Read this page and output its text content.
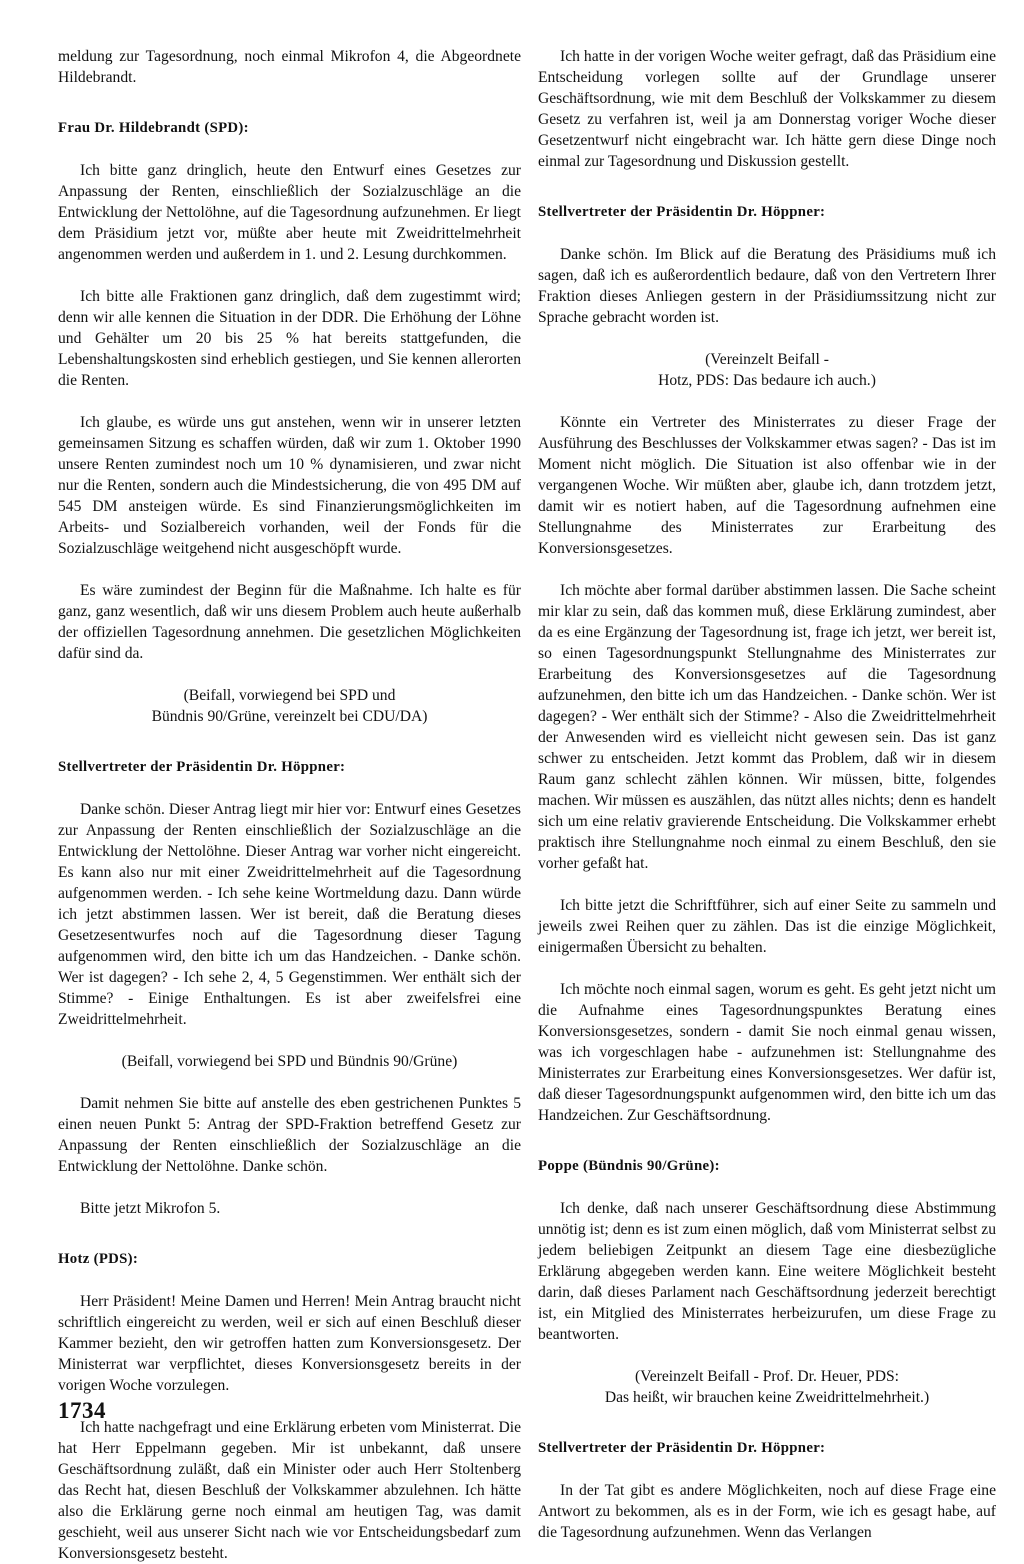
meldung zur Tagesordnung, noch einmal Mikrofon 4, die Abgeordnete Hildebrandt.

Frau Dr. Hildebrandt (SPD):

Ich bitte ganz dringlich, heute den Entwurf eines Gesetzes zur Anpassung der Renten, einschließlich der Sozialzuschläge an die Entwicklung der Nettolöhne, auf die Tagesordnung aufzunehmen. Er liegt dem Präsidium jetzt vor, müßte aber heute mit Zweidrittelmehrheit angenommen werden und außerdem in 1. und 2. Lesung durchkommen.

Ich bitte alle Fraktionen ganz dringlich, daß dem zugestimmt wird; denn wir alle kennen die Situation in der DDR. Die Erhöhung der Löhne und Gehälter um 20 bis 25 % hat bereits stattgefunden, die Lebenshaltungskosten sind erheblich gestiegen, und Sie kennen allerorten die Renten.

Ich glaube, es würde uns gut anstehen, wenn wir in unserer letzten gemeinsamen Sitzung es schaffen würden, daß wir zum 1. Oktober 1990 unsere Renten zumindest noch um 10 % dynamisieren, und zwar nicht nur die Renten, sondern auch die Mindestsicherung, die von 495 DM auf 545 DM ansteigen würde. Es sind Finanzierungsmöglichkeiten im Arbeits- und Sozialbereich vorhanden, weil der Fonds für die Sozialzuschläge weitgehend nicht ausgeschöpft wurde.

Es wäre zumindest der Beginn für die Maßnahme. Ich halte es für ganz, ganz wesentlich, daß wir uns diesem Problem auch heute außerhalb der offiziellen Tagesordnung annehmen. Die gesetzlichen Möglichkeiten dafür sind da.

(Beifall, vorwiegend bei SPD und

Bündnis 90/Grüne, vereinzelt bei CDU/DA)

Stellvertreter der Präsidentin Dr. Höppner:

Danke schön. Dieser Antrag liegt mir hier vor: Entwurf eines Gesetzes zur Anpassung der Renten einschließlich der Sozialzuschläge an die Entwicklung der Nettolöhne. Dieser Antrag war vorher nicht eingereicht. Es kann also nur mit einer Zweidrittelmehrheit auf die Tagesordnung aufgenommen werden. - Ich sehe keine Wortmeldung dazu. Dann würde ich jetzt abstimmen lassen. Wer ist bereit, daß die Beratung dieses Gesetzesentwurfes noch auf die Tagesordnung dieser Tagung aufgenommen wird, den bitte ich um das Handzeichen. - Danke schön. Wer ist dagegen? - Ich sehe 2, 4, 5 Gegenstimmen. Wer enthält sich der Stimme? - Einige Enthaltungen. Es ist aber zweifelsfrei eine Zweidrittelmehrheit.

(Beifall, vorwiegend bei SPD und Bündnis 90/Grüne)

Damit nehmen Sie bitte auf anstelle des eben gestrichenen Punktes 5 einen neuen Punkt 5: Antrag der SPD-Fraktion betreffend Gesetz zur Anpassung der Renten einschließlich der Sozialzuschläge an die Entwicklung der Nettolöhne. Danke schön.

Bitte jetzt Mikrofon 5.

Hotz (PDS):

Herr Präsident! Meine Damen und Herren! Mein Antrag braucht nicht schriftlich eingereicht zu werden, weil er sich auf einen Beschluß dieser Kammer bezieht, den wir getroffen hatten zum Konversionsgesetz. Der Ministerrat war verpflichtet, dieses Konversionsgesetz bereits in der vorigen Woche vorzulegen.

Ich hatte nachgefragt und eine Erklärung erbeten vom Ministerrat. Die hat Herr Eppelmann gegeben. Mir ist unbekannt, daß unsere Geschäftsordnung zuläßt, daß ein Minister oder auch Herr Stoltenberg das Recht hat, diesen Beschluß der Volkskammer abzulehnen. Ich hätte also die Erklärung gerne noch einmal am heutigen Tag, was damit geschieht, weil aus unserer Sicht nach wie vor Entscheidungsbedarf zum Konversionsgesetz besteht.

Ich hatte in der vorigen Woche weiter gefragt, daß das Präsidium eine Entscheidung vorlegen sollte auf der Grundlage unserer Geschäftsordnung, wie mit dem Beschluß der Volkskammer zu diesem Gesetz zu verfahren ist, weil ja am Donnerstag voriger Woche dieser Gesetzentwurf nicht eingebracht war. Ich hätte gern diese Dinge noch einmal zur Tagesordnung und Diskussion gestellt.

Stellvertreter der Präsidentin Dr. Höppner:

Danke schön. Im Blick auf die Beratung des Präsidiums muß ich sagen, daß ich es außerordentlich bedaure, daß von den Vertretern Ihrer Fraktion dieses Anliegen gestern in der Präsidiumssitzung nicht zur Sprache gebracht worden ist.

(Vereinzelt Beifall -

Hotz, PDS: Das bedaure ich auch.)

Könnte ein Vertreter des Ministerrates zu dieser Frage der Ausführung des Beschlusses der Volkskammer etwas sagen? - Das ist im Moment nicht möglich. Die Situation ist also offenbar wie in der vergangenen Woche. Wir müßten aber, glaube ich, dann trotzdem jetzt, damit wir es notiert haben, auf die Tagesordnung aufnehmen eine Stellungnahme des Ministerrates zur Erarbeitung des Konversionsgesetzes.

Ich möchte aber formal darüber abstimmen lassen. Die Sache scheint mir klar zu sein, daß das kommen muß, diese Erklärung zumindest, aber da es eine Ergänzung der Tagesordnung ist, frage ich jetzt, wer bereit ist, so einen Tagesordnungspunkt Stellungnahme des Ministerrates zur Erarbeitung des Konversionsgesetzes auf die Tagesordnung aufzunehmen, den bitte ich um das Handzeichen. - Danke schön. Wer ist dagegen? - Wer enthält sich der Stimme? - Also die Zweidrittelmehrheit der Anwesenden wird es vielleicht nicht gewesen sein. Das ist ganz schwer zu entscheiden. Jetzt kommt das Problem, daß wir in diesem Raum ganz schlecht zählen können. Wir müssen, bitte, folgendes machen. Wir müssen es auszählen, das nützt alles nichts; denn es handelt sich um eine relativ gravierende Entscheidung. Die Volkskammer erhebt praktisch ihre Stellungnahme noch einmal zu einem Beschluß, den sie vorher gefaßt hat.

Ich bitte jetzt die Schriftführer, sich auf einer Seite zu sammeln und jeweils zwei Reihen quer zu zählen. Das ist die einzige Möglichkeit, einigermaßen Übersicht zu behalten.

Ich möchte noch einmal sagen, worum es geht. Es geht jetzt nicht um die Aufnahme eines Tagesordnungspunktes Beratung eines Konversionsgesetzes, sondern - damit Sie noch einmal genau wissen, was ich vorgeschlagen habe - aufzunehmen ist: Stellungnahme des Ministerrates zur Erarbeitung eines Konversionsgesetzes. Wer dafür ist, daß dieser Tagesordnungspunkt aufgenommen wird, den bitte ich um das Handzeichen. Zur Geschäftsordnung.

Poppe (Bündnis 90/Grüne):

Ich denke, daß nach unserer Geschäftsordnung diese Abstimmung unnötig ist; denn es ist zum einen möglich, daß vom Ministerrat selbst zu jedem beliebigen Zeitpunkt an diesem Tage eine diesbezügliche Erklärung abgegeben werden kann. Eine weitere Möglichkeit besteht darin, daß dieses Parlament nach Geschäftsordnung jederzeit berechtigt ist, ein Mitglied des Ministerrates herbeizurufen, um diese Frage zu beantworten.

(Vereinzelt Beifall - Prof. Dr. Heuer, PDS:

Das heißt, wir brauchen keine Zweidrittelmehrheit.)

Stellvertreter der Präsidentin Dr. Höppner:

In der Tat gibt es andere Möglichkeiten, noch auf diese Frage eine Antwort zu bekommen, als es in der Form, wie ich es gesagt habe, auf die Tagesordnung aufzunehmen. Wenn das Verlangen

1734
